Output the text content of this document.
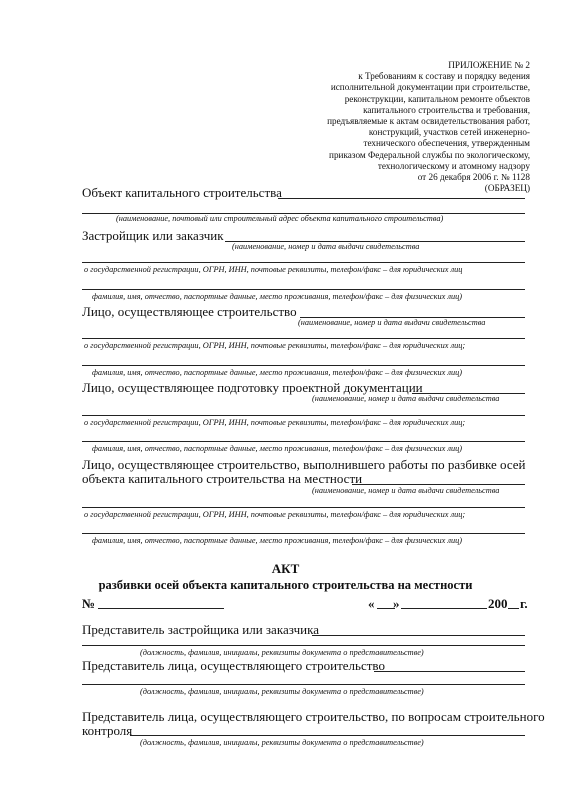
ПРИЛОЖЕНИЕ № 2
к Требованиям к составу и порядку ведения
исполнительной документации при строительстве,
реконструкции, капитальном ремонте объектов
капитального строительства и требования,
предъявляемые к актам освидетельствования работ,
конструкций, участков сетей инженерно-
технического обеспечения, утвержденным
приказом Федеральной службы по экологическому,
технологическому и атомному надзору
от 26 декабря 2006 г. № 1128
(ОБРАЗЕЦ)
Объект капитального строительства
(наименование, почтовый или строительный адрес объекта капитального строительства)
Застройщик или заказчик
(наименование, номер и дата выдачи свидетельства
о государственной регистрации, ОГРН, ИНН, почтовые реквизиты, телефон/факс – для юридических лиц
фамилия, имя, отчество, паспортные данные, место проживания, телефон/факс – для физических лиц)
Лицо, осуществляющее строительство
(наименование, номер и дата выдачи свидетельства
о государственной регистрации, ОГРН, ИНН, почтовые реквизиты, телефон/факс – для юридических лиц;
фамилия, имя, отчество, паспортные данные, место проживания, телефон/факс – для физических лиц)
Лицо, осуществляющее подготовку проектной документации
(наименование, номер и дата выдачи свидетельства
о государственной регистрации, ОГРН, ИНН, почтовые реквизиты, телефон/факс – для юридических лиц;
фамилия, имя, отчество, паспортные данные, место проживания, телефон/факс – для физических лиц)
Лицо, осуществляющее строительство, выполнившего работы по разбивке осей
объекта капитального строительства на местности
(наименование, номер и дата выдачи свидетельства
о государственной регистрации, ОГРН, ИНН, почтовые реквизиты, телефон/факс – для юридических лиц;
фамилия, имя, отчество, паспортные данные, место проживания, телефон/факс – для физических лиц)
АКТ
разбивки осей объекта капитального строительства на местности
№	« »	200 г.
Представитель застройщика или заказчика
(должность, фамилия, инициалы, реквизиты документа о представительстве)
Представитель лица, осуществляющего строительство
(должность, фамилия, инициалы, реквизиты документа о представительстве)
Представитель лица, осуществляющего строительство, по вопросам строительного
контроля
(должность, фамилия, инициалы, реквизиты документа о представительстве)
